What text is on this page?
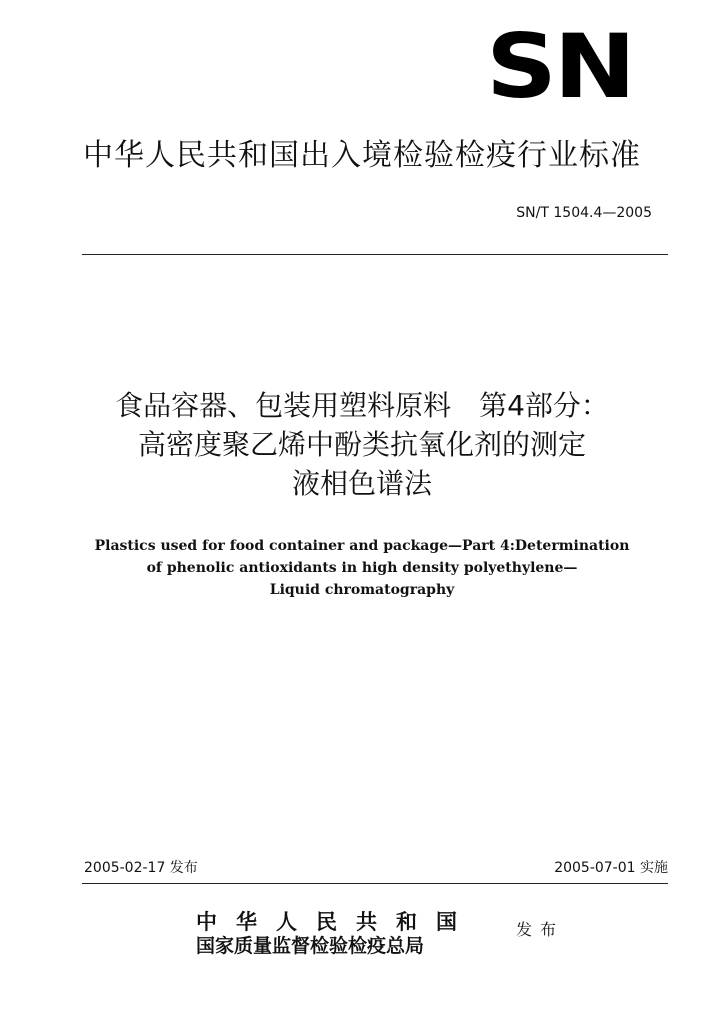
SN
中华人民共和国出入境检验检疫行业标准
SN/T 1504.4—2005
食品容器、包装用塑料原料　第4部分：
高密度聚乙烯中酚类抗氧化剂的测定
液相色谱法
Plastics used for food container and package—Part 4:Determination
of phenolic antioxidants in high density polyethylene—
Liquid chromatography
2005-02-17 发布	2005-07-01 实施
中华人民共和国
国家质量监督检验检疫总局
发布
